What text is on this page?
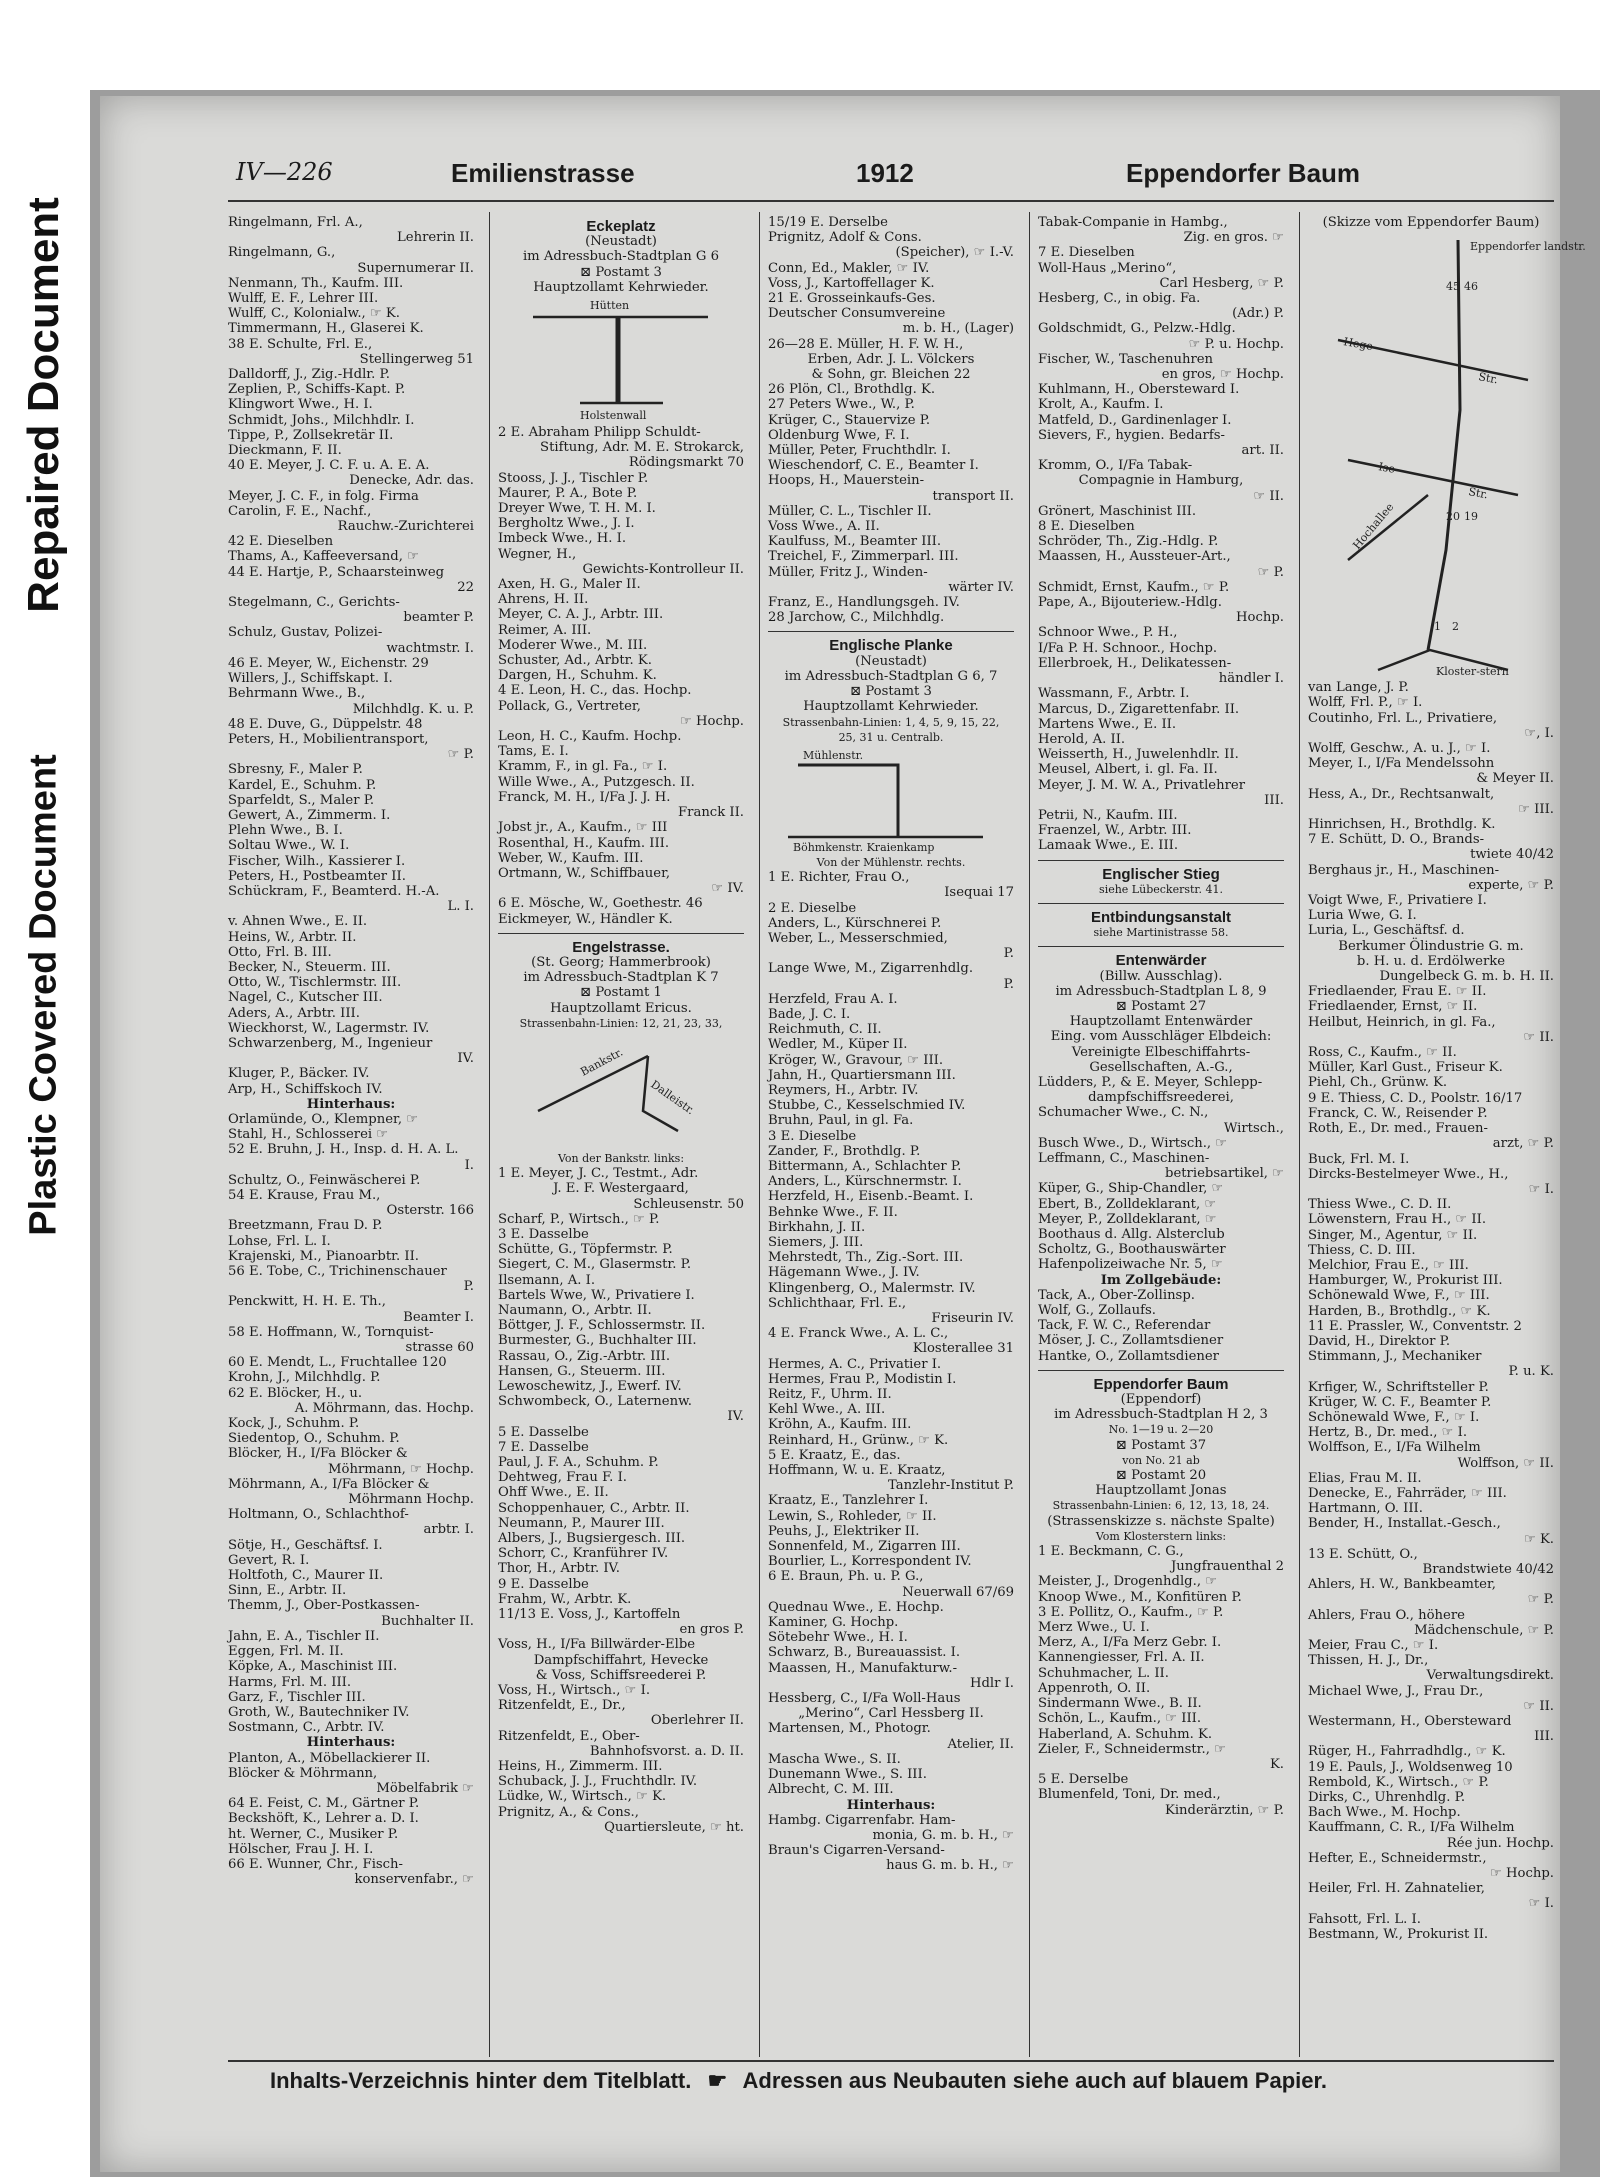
Repaired Document
Plastic Covered Document
IV—226	Emilienstrasse	1912	Eppendorfer Baum
Ringelmann, Frl. A.,
Lehrerin II.
Ringelmann, G.,
Supernumerar II.
Nenmann, Th., Kaufm. III.
Wulff, E. F., Lehrer III.
Wulff, C., Kolonialw., ☞ K.
Timmermann, H., Glaserei K.
38 E. Schulte, Frl. E.,
Stellingerweg 51
Dalldorff, J., Zig.-Hdlr. P.
Zeplien, P., Schiffs-Kapt. P.
Klingwort Wwe., H. I.
Schmidt, Johs., Milchhdlr. I.
Tippe, P., Zollsekretär II.
Dieckmann, F. II.
40 E. Meyer, J. C. F. u. A. E. A.
Denecke, Adr. das.
Meyer, J. C. F., in folg. Firma
Carolin, F. E., Nachf.,
Rauchw.-Zurichterei
42 E. Dieselben
Thams, A., Kaffeeversand, ☞
44 E. Hartje, P., Schaarsteinweg
22
Stegelmann, C., Gerichts-
beamter P.
Schulz, Gustav, Polizei-
wachtmstr. I.
46 E. Meyer, W., Eichenstr. 29
Willers, J., Schiffskapt. I.
Behrmann Wwe., B.,
Milchhdlg. K. u. P.
48 E. Duve, G., Düppelstr. 48
Peters, H., Mobilientransport,
☞ P.
Sbresny, F., Maler P.
Kardel, E., Schuhm. P.
Sparfeldt, S., Maler P.
Gewert, A., Zimmerm. I.
Plehn Wwe., B. I.
Soltau Wwe., W. I.
Fischer, Wilh., Kassierer I.
Peters, H., Postbeamter II.
Schückram, F., Beamterd. H.-A.
L. I.
v. Ahnen Wwe., E. II.
Heins, W., Arbtr. II.
Otto, Frl. B. III.
Becker, N., Steuerm. III.
Otto, W., Tischlermstr. III.
Nagel, C., Kutscher III.
Aders, A., Arbtr. III.
Wieckhorst, W., Lagermstr. IV.
Schwarzenberg, M., Ingenieur
IV.
Kluger, P., Bäcker. IV.
Arp, H., Schiffskoch IV.
Hinterhaus:
Orlamünde, O., Klempner, ☞
Stahl, H., Schlosserei ☞
52 E. Bruhn, J. H., Insp. d. H. A. L.
I.
Schultz, O., Feinwäscherei P.
54 E. Krause, Frau M.,
Osterstr. 166
Breetzmann, Frau D. P.
Lohse, Frl. L. I.
Krajenski, M., Pianoarbtr. II.
56 E. Tobe, C., Trichinenschauer
P.
Penckwitt, H. H. E. Th.,
Beamter I.
58 E. Hoffmann, W., Tornquist-
strasse 60
60 E. Mendt, L., Fruchtallee 120
Krohn, J., Milchhdlg. P.
62 E. Blöcker, H., u.
A. Möhrmann, das. Hochp.
Kock, J., Schuhm. P.
Siedentop, O., Schuhm. P.
Blöcker, H., I/Fa Blöcker &
Möhrmann, ☞ Hochp.
Möhrmann, A., I/Fa Blöcker &
Möhrmann Hochp.
Holtmann, O., Schlachthof-
arbtr. I.
Sötje, H., Geschäftsf. I.
Gevert, R. I.
Holtfoth, C., Maurer II.
Sinn, E., Arbtr. II.
Themm, J., Ober-Postkassen-
Buchhalter II.
Jahn, E. A., Tischler II.
Eggen, Frl. M. II.
Köpke, A., Maschinist III.
Harms, Frl. M. III.
Garz, F., Tischler III.
Groth, W., Bautechniker IV.
Sostmann, C., Arbtr. IV.
Hinterhaus:
Planton, A., Möbellackierer II.
Blöcker & Möhrmann,
Möbelfabrik ☞
64 E. Feist, C. M., Gärtner P.
Beckshöft, K., Lehrer a. D. I.
ht. Werner, C., Musiker P.
Hölscher, Frau J. H. I.
66 E. Wunner, Chr., Fisch-
konservenfabr., ☞
Eckeplatz
(Neustadt)
im Adressbuch-Stadtplan G 6
⊠ Postamt 3
Hauptzollamt Kehrwieder.
Hütten
Holstenwall
2 E. Abraham Philipp Schuldt-
Stiftung, Adr. M. E. Strokarck,
Rödingsmarkt 70
Stooss, J. J., Tischler P.
Maurer, P. A., Bote P.
Dreyer Wwe, T. H. M. I.
Bergholtz Wwe., J. I.
Imbeck Wwe., H. I.
Wegner, H.,
Gewichts-Kontrolleur II.
Axen, H. G., Maler II.
Ahrens, H. II.
Meyer, C. A. J., Arbtr. III.
Reimer, A. III.
Moderer Wwe., M. III.
Schuster, Ad., Arbtr. K.
Dargen, H., Schuhm. K.
4 E. Leon, H. C., das. Hochp.
Pollack, G., Vertreter,
☞ Hochp.
Leon, H. C., Kaufm. Hochp.
Tams, E. I.
Kramm, F., in gl. Fa., ☞ I.
Wille Wwe., A., Putzgesch. II.
Franck, M. H., I/Fa J. J. H.
Franck II.
Jobst jr., A., Kaufm., ☞ III
Rosenthal, H., Kaufm. III.
Weber, W., Kaufm. III.
Ortmann, W., Schiffbauer,
☞ IV.
6 E. Mösche, W., Goethestr. 46
Eickmeyer, W., Händler K.
Engelstrasse.
(St. Georg; Hammerbrook)
im Adressbuch-Stadtplan K 7
⊠ Postamt 1
Hauptzollamt Ericus.
Strassenbahn-Linien: 12, 21, 23, 33,
Bankstr.
Dalleistr.
Von der Bankstr. links:
1 E. Meyer, J. C., Testmt., Adr.
J. E. F. Westergaard,
Schleusenstr. 50
Scharf, P., Wirtsch., ☞ P.
3 E. Dasselbe
Schütte, G., Töpfermstr. P.
Siegert, C. M., Glasermstr. P.
Ilsemann, A. I.
Bartels Wwe, W., Privatiere I.
Naumann, O., Arbtr. II.
Böttger, J. F., Schlossermstr. II.
Burmester, G., Buchhalter III.
Rassau, O., Zig.-Arbtr. III.
Hansen, G., Steuerm. III.
Lewoschewitz, J., Ewerf. IV.
Schwombeck, O., Laternenw.
IV.
5 E. Dasselbe
7 E. Dasselbe
Paul, J. F. A., Schuhm. P.
Dehtweg, Frau F. I.
Ohff Wwe., E. II.
Schoppenhauer, C., Arbtr. II.
Neumann, P., Maurer III.
Albers, J., Bugsiergesch. III.
Schorr, C., Kranführer IV.
Thor, H., Arbtr. IV.
9 E. Dasselbe
Frahm, W., Arbtr. K.
11/13 E. Voss, J., Kartoffeln
en gros P.
Voss, H., I/Fa Billwärder-Elbe
Dampfschiffahrt, Hevecke
& Voss, Schiffsreederei P.
Voss, H., Wirtsch., ☞ I.
Ritzenfeldt, E., Dr.,
Oberlehrer II.
Ritzenfeldt, E., Ober-
Bahnhofsvorst. a. D. II.
Heins, H., Zimmerm. III.
Schuback, J. J., Fruchthdlr. IV.
Lüdke, W., Wirtsch., ☞ K.
Prignitz, A., & Cons.,
Quartiersleute, ☞ ht.
15/19 E. Derselbe
Prignitz, Adolf & Cons.
(Speicher), ☞ I.-V.
Conn, Ed., Makler, ☞ IV.
Voss, J., Kartoffellager K.
21 E. Grosseinkaufs-Ges.
Deutscher Consumvereine
m. b. H., (Lager)
26—28 E. Müller, H. F. W. H.,
Erben, Adr. J. L. Völckers
& Sohn, gr. Bleichen 22
26 Plön, Cl., Brothdlg. K.
27 Peters Wwe., W., P.
Krüger, C., Stauervize P.
Oldenburg Wwe, F. I.
Müller, Peter, Fruchthdlr. I.
Wieschendorf, C. E., Beamter I.
Hoops, H., Mauerstein-
transport II.
Müller, C. L., Tischler II.
Voss Wwe., A. II.
Kaulfuss, M., Beamter III.
Treichel, F., Zimmerparl. III.
Müller, Fritz J., Winden-
wärter IV.
Franz, E., Handlungsgeh. IV.
28 Jarchow, C., Milchhdlg.
Englische Planke
(Neustadt)
im Adressbuch-Stadtplan G 6, 7
⊠ Postamt 3
Hauptzollamt Kehrwieder.
Strassenbahn-Linien: 1, 4, 5, 9, 15, 22,
25, 31 u. Centralb.
Mühlenstr.
Böhmkenstr. Kraienkamp
Von der Mühlenstr. rechts.
1 E. Richter, Frau O.,
Isequai 17
2 E. Dieselbe
Anders, L., Kürschnerei P.
Weber, L., Messerschmied,
P.
Lange Wwe, M., Zigarrenhdlg.
P.
Herzfeld, Frau A. I.
Bade, J. C. I.
Reichmuth, C. II.
Wedler, M., Küper II.
Kröger, W., Gravour, ☞ III.
Jahn, H., Quartiersmann III.
Reymers, H., Arbtr. IV.
Stubbe, C., Kesselschmied IV.
Bruhn, Paul, in gl. Fa.
3 E. Dieselbe
Zander, F., Brothdlg. P.
Bittermann, A., Schlachter P.
Anders, L., Kürschnermstr. I.
Herzfeld, H., Eisenb.-Beamt. I.
Behnke Wwe., F. II.
Birkhahn, J. II.
Siemers, J. III.
Mehrstedt, Th., Zig.-Sort. III.
Hägemann Wwe., J. IV.
Klingenberg, O., Malermstr. IV.
Schlichthaar, Frl. E.,
Friseurin IV.
4 E. Franck Wwe., A. L. C.,
Klosterallee 31
Hermes, A. C., Privatier I.
Hermes, Frau P., Modistin I.
Reitz, F., Uhrm. II.
Kehl Wwe., A. III.
Kröhn, A., Kaufm. III.
Reinhard, H., Grünw., ☞ K.
5 E. Kraatz, E., das.
Hoffmann, W. u. E. Kraatz,
Tanzlehr-Institut P.
Kraatz, E., Tanzlehrer I.
Lewin, S., Rohleder, ☞ II.
Peuhs, J., Elektriker II.
Sonnenfeld, M., Zigarren III.
Bourlier, L., Korrespondent IV.
6 E. Braun, Ph. u. P. G.,
Neuerwall 67/69
Quednau Wwe., E. Hochp.
Kaminer, G. Hochp.
Sötebehr Wwe., H. I.
Schwarz, B., Bureauassist. I.
Maassen, H., Manufakturw.-
Hdlr I.
Hessberg, C., I/Fa Woll-Haus
„Merino“, Carl Hessberg II.
Martensen, M., Photogr.
Atelier, II.
Mascha Wwe., S. II.
Dunemann Wwe., S. III.
Albrecht, C. M. III.
Hinterhaus:
Hambg. Cigarrenfabr. Ham-
monia, G. m. b. H., ☞
Braun's Cigarren-Versand-
haus G. m. b. H., ☞
Tabak-Companie in Hambg.,
Zig. en gros. ☞
7 E. Dieselben
Woll-Haus „Merino“,
Carl Hesberg, ☞ P.
Hesberg, C., in obig. Fa.
(Adr.) P.
Goldschmidt, G., Pelzw.-Hdlg.
☞ P. u. Hochp.
Fischer, W., Taschenuhren
en gros, ☞ Hochp.
Kuhlmann, H., Obersteward I.
Krolt, A., Kaufm. I.
Matfeld, D., Gardinenlager I.
Sievers, F., hygien. Bedarfs-
art. II.
Kromm, O., I/Fa Tabak-
Compagnie in Hamburg,
☞ II.
Grönert, Maschinist III.
8 E. Dieselben
Schröder, Th., Zig.-Hdlg. P.
Maassen, H., Aussteuer-Art.,
☞ P.
Schmidt, Ernst, Kaufm., ☞ P.
Pape, A., Bijouteriew.-Hdlg.
Hochp.
Schnoor Wwe., P. H.,
I/Fa P. H. Schnoor., Hochp.
Ellerbroek, H., Delikatessen-
händler I.
Wassmann, F., Arbtr. I.
Marcus, D., Zigarettenfabr. II.
Martens Wwe., E. II.
Herold, A. II.
Weisserth, H., Juwelenhdlr. II.
Meusel, Albert, i. gl. Fa. II.
Meyer, J. M. W. A., Privatlehrer
III.
Petrii, N., Kaufm. III.
Fraenzel, W., Arbtr. III.
Lamaak Wwe., E. III.
Englischer Stieg
siehe Lübeckerstr. 41.
Entbindungsanstalt
siehe Martinistrasse 58.
Entenwärder
(Billw. Ausschlag).
im Adressbuch-Stadtplan L 8, 9
⊠ Postamt 27
Hauptzollamt Entenwärder
Eing. vom Ausschläger Elbdeich:
Vereinigte Elbeschiffahrts-
Gesellschaften, A.-G.,
Lüdders, P., & E. Meyer, Schlepp-
dampfschiffsreederei,
Schumacher Wwe., C. N.,
Wirtsch.,
Busch Wwe., D., Wirtsch., ☞
Leffmann, C., Maschinen-
betriebsartikel, ☞
Küper, G., Ship-Chandler, ☞
Ebert, B., Zolldeklarant, ☞
Meyer, P., Zolldeklarant, ☞
Boothaus d. Allg. Alsterclub
Scholtz, G., Boothauswärter
Hafenpolizeiwache Nr. 5, ☞
Im Zollgebäude:
Tack, A., Ober-Zollinsp.
Wolf, G., Zollaufs.
Tack, F. W. C., Referendar
Möser, J. C., Zollamtsdiener
Hantke, O., Zollamtsdiener
Eppendorfer Baum
(Eppendorf)
im Adressbuch-Stadtplan H 2, 3
No. 1—19 u. 2—20
⊠ Postamt 37
von No. 21 ab
⊠ Postamt 20
Hauptzollamt Jonas
Strassenbahn-Linien: 6, 12, 13, 18, 24.
(Strassenskizze s. nächste Spalte)
Vom Klosterstern links:
1 E. Beckmann, C. G.,
Jungfrauenthal 2
Meister, J., Drogenhdlg., ☞
Knoop Wwe., M., Konfitüren P.
3 E. Pollitz, O., Kaufm., ☞ P.
Merz Wwe., U. I.
Merz, A., I/Fa Merz Gebr. I.
Kannengiesser, Frl. A. II.
Schuhmacher, L. II.
Appenroth, O. II.
Sindermann Wwe., B. II.
Schön, L., Kaufm., ☞ III.
Haberland, A. Schuhm. K.
Zieler, F., Schneidermstr., ☞
K.
5 E. Derselbe
Blumenfeld, Toni, Dr. med.,
Kinderärztin, ☞ P.
(Skizze vom Eppendorfer Baum)
Eppendorfer landstr.
Hege-
Str.
Ise-
Str.
Hochallee
Kloster-stern
45 46
20 19
1 2
van Lange, J. P.
Wolff, Frl. P., ☞ I.
Coutinho, Frl. L., Privatiere,
☞, I.
Wolff, Geschw., A. u. J., ☞ I.
Meyer, I., I/Fa Mendelssohn
& Meyer II.
Hess, A., Dr., Rechtsanwalt,
☞ III.
Hinrichsen, H., Brothdlg. K.
7 E. Schütt, D. O., Brands-
twiete 40/42
Berghaus jr., H., Maschinen-
experte, ☞ P.
Voigt Wwe, F., Privatiere I.
Luria Wwe, G. I.
Luria, L., Geschäftsf. d.
Berkumer Ölindustrie G. m.
b. H. u. d. Erdölwerke
Dungelbeck G. m. b. H. II.
Friedlaender, Frau E. ☞ II.
Friedlaender, Ernst, ☞ II.
Heilbut, Heinrich, in gl. Fa.,
☞ II.
Ross, C., Kaufm., ☞ II.
Müller, Karl Gust., Friseur K.
Piehl, Ch., Grünw. K.
9 E. Thiess, C. D., Poolstr. 16/17
Franck, C. W., Reisender P.
Roth, E., Dr. med., Frauen-
arzt, ☞ P.
Buck, Frl. M. I.
Dircks-Bestelmeyer Wwe., H.,
☞ I.
Thiess Wwe., C. D. II.
Löwenstern, Frau H., ☞ II.
Singer, M., Agentur, ☞ II.
Thiess, C. D. III.
Melchior, Frau E., ☞ III.
Hamburger, W., Prokurist III.
Schönewald Wwe, F., ☞ III.
Harden, B., Brothdlg., ☞ K.
11 E. Prassler, W., Conventstr. 2
David, H., Direktor P.
Stimmann, J., Mechaniker
P. u. K.
Krfiger, W., Schriftsteller P.
Krüger, W. C. F., Beamter P.
Schönewald Wwe, F., ☞ I.
Hertz, B., Dr. med., ☞ I.
Wolffson, E., I/Fa Wilhelm
Wolffson, ☞ II.
Elias, Frau M. II.
Denecke, E., Fahrräder, ☞ III.
Hartmann, O. III.
Bender, H., Installat.-Gesch.,
☞ K.
13 E. Schütt, O.,
Brandstwiete 40/42
Ahlers, H. W., Bankbeamter,
☞ P.
Ahlers, Frau O., höhere
Mädchenschule, ☞ P.
Meier, Frau C., ☞ I.
Thissen, H. J., Dr.,
Verwaltungsdirekt.
Michael Wwe, J., Frau Dr.,
☞ II.
Westermann, H., Obersteward
III.
Rüger, H., Fahrradhdlg., ☞ K.
19 E. Pauls, J., Woldsenweg 10
Rembold, K., Wirtsch., ☞ P.
Dirks, C., Uhrenhdlg. P.
Bach Wwe., M. Hochp.
Kauffmann, C. R., I/Fa Wilhelm
Rée jun. Hochp.
Hefter, E., Schneidermstr.,
☞ Hochp.
Heiler, Frl. H. Zahnatelier,
☞ I.
Fahsott, Frl. L. I.
Bestmann, W., Prokurist II.
Inhalts-Verzeichnis hinter dem Titelblatt. ☛ Adressen aus Neubauten siehe auch auf blauem Papier.
